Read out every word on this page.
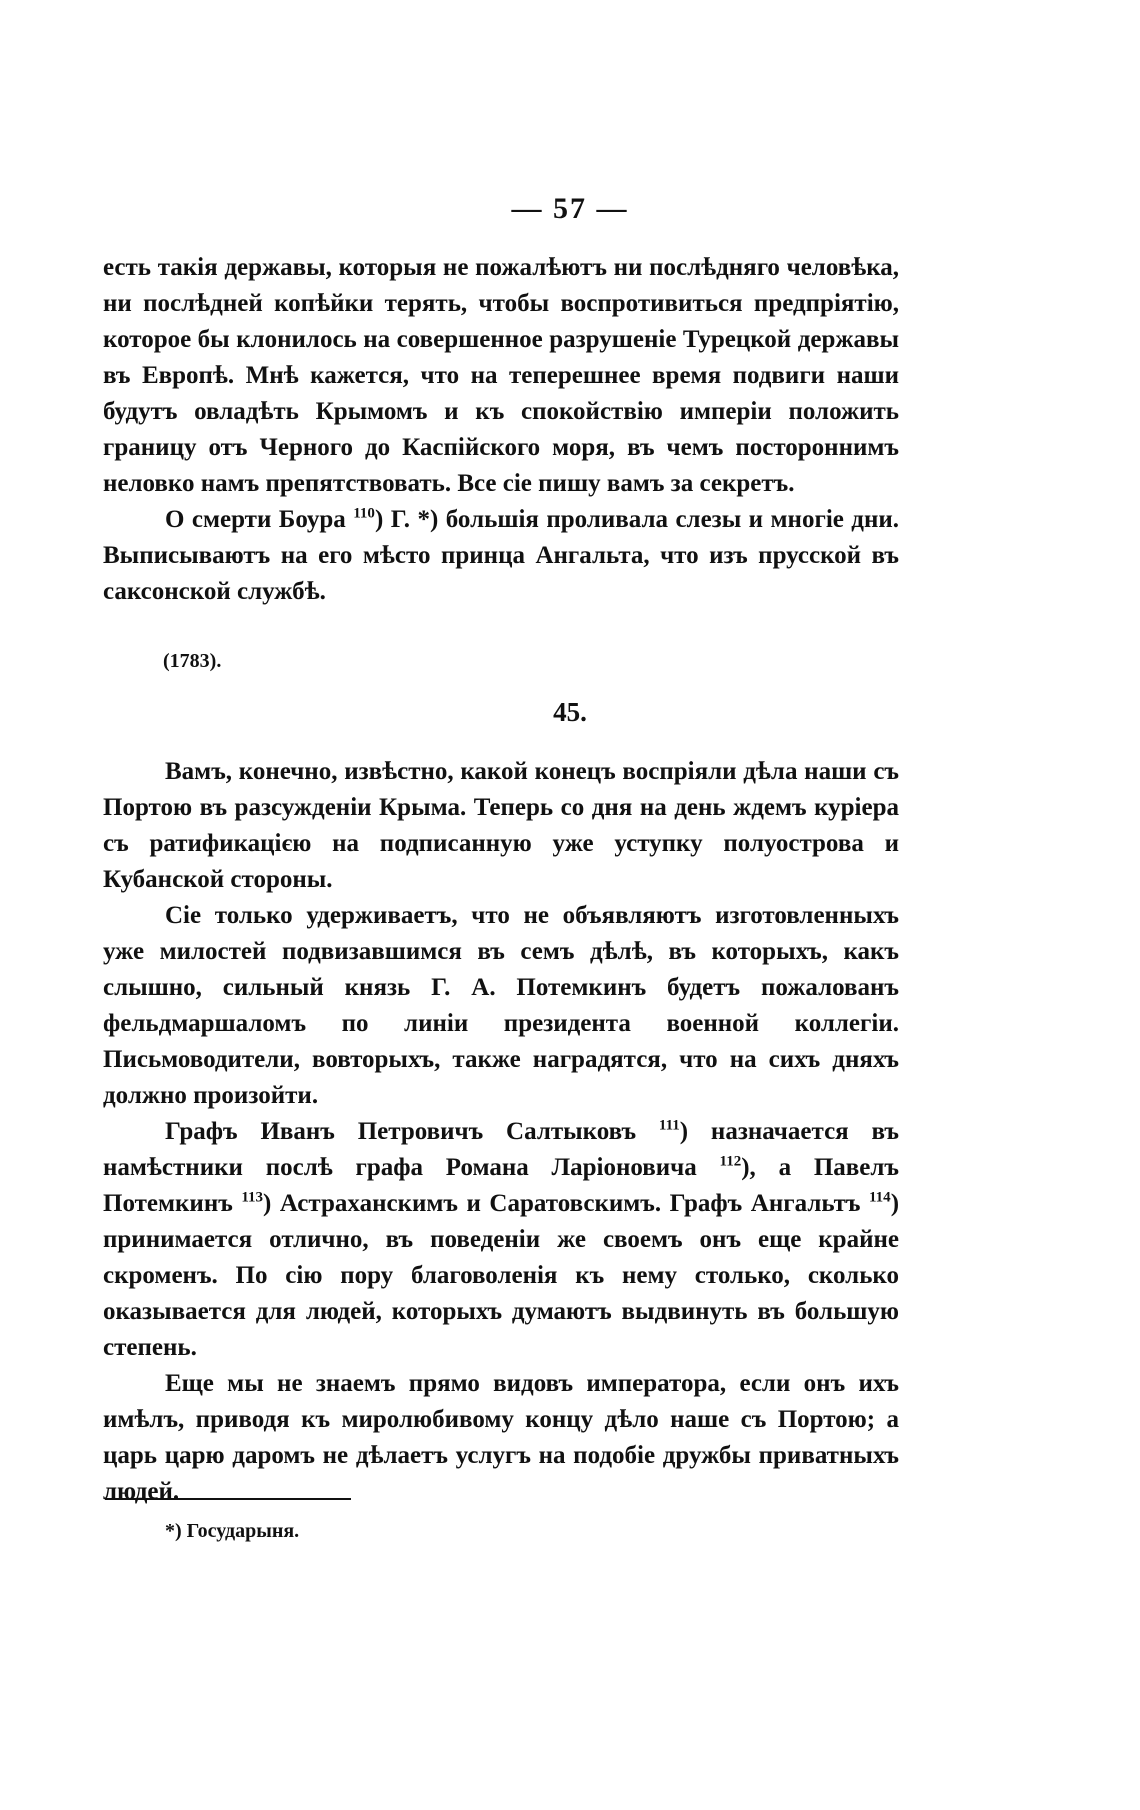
— 57 —

есть такія державы, которыя не пожалѣютъ ни послѣдняго человѣка, ни послѣдней копѣйки терять, чтобы воспротивиться предпріятію, которое бы клонилось на совершенное разрушеніе Турецкой державы въ Европѣ. Мнѣ кажется, что на теперешнее время подвиги наши будутъ овладѣть Крымомъ и къ спокойствію имперіи положить границу отъ Черного до Каспійского моря, въ чемъ постороннимъ неловко намъ препятствовать. Все сіе пишу вамъ за секретъ.

О смерти Боура $^{110}$) Г. *) большія проливала слезы и многіе дни. Выписываютъ на его мѣсто принца Ангальта, что изъ прусской въ саксонской службѣ.

(1783).
45.

Вамъ, конечно, извѣстно, какой конецъ воспріяли дѣла наши съ Портою въ разсужденіи Крыма. Теперь со дня на день ждемъ куріера съ ратификацією на подписанную уже уступку полуострова и Кубанской стороны.

Сіе только удерживаетъ, что не объявляютъ изготовленныхъ уже милостей подвизавшимся въ семъ дѣлѣ, въ которыхъ, какъ слышно, сильный князь Г. А. Потемкинъ будетъ пожалованъ фельдмаршаломъ по линіи президента военной коллегіи. Письмоводители, вовторыхъ, также наградятся, что на сихъ дняхъ должно произойти.

Графъ Иванъ Петровичъ Салтыковъ $^{111}$) назначается въ намѣстники послѣ графа Романа Ларіоновича $^{112}$), а Павелъ Потемкинъ $^{113}$) Астраханскимъ и Саратовскимъ. Графъ Ангальтъ $^{114}$) принимается отлично, въ поведеніи же своемъ онъ еще крайне скроменъ. По сію пору благоволенія къ нему столько, сколько оказывается для людей, которыхъ думаютъ выдвинуть въ большую степень.

Еще мы не знаемъ прямо видовъ императора, если онъ ихъ имѣлъ, приводя къ миролюбивому концу дѣло наше съ Портою; а царь царю даромъ не дѣлаетъ услугъ на подобіе дружбы приватныхъ людей.

*) Государыня.
